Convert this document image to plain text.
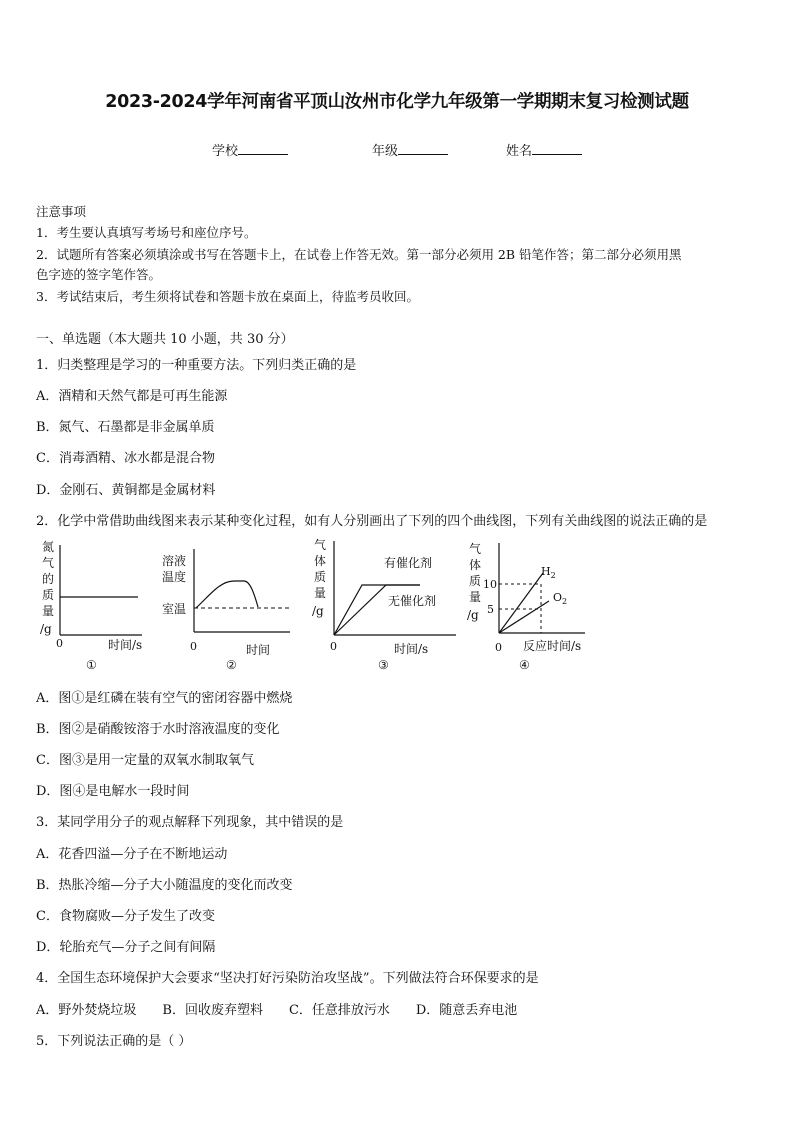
2023-2024学年河南省平顶山汝州市化学九年级第一学期期末复习检测试题
学校	年级	姓名
注意事项
1．考生要认真填写考场号和座位序号。
2．试题所有答案必须填涂或书写在答题卡上，在试卷上作答无效。第一部分必须用 2B 铅笔作答；第二部分必须用黑
色字迹的签字笔作答。
3．考试结束后，考生须将试卷和答题卡放在桌面上，待监考员收回。
一、单选题（本大题共 10 小题，共 30 分）
1．归类整理是学习的一种重要方法。下列归类正确的是
A．酒精和天然气都是可再生能源
B．氮气、石墨都是非金属单质
C．消毒酒精、冰水都是混合物
D．金刚石、黄铜都是金属材料
2．化学中常借助曲线图来表示某种变化过程，如有人分别画出了下列的四个曲线图，下列有关曲线图的说法正确的是
氮
气
的
质
量
/g
0	时间/s
①
溶液
温度
室温
0	时间
②
气
体
质
量
/g
有催化剂
无催化剂
0	时间/s
③
气
体
质
量
/g
10
5
$H_2$
$O_2$
0 反应时间/s
④
A．图①是红磷在装有空气的密闭容器中燃烧
B．图②是硝酸铵溶于水时溶液温度的变化
C．图③是用一定量的双氧水制取氧气
D．图④是电解水一段时间
3．某同学用分子的观点解释下列现象，其中错误的是
A．花香四溢—分子在不断地运动
B．热胀冷缩—分子大小随温度的变化而改变
C．食物腐败—分子发生了改变
D．轮胎充气—分子之间有间隔
4．全国生态环境保护大会要求“坚决打好污染防治攻坚战”。下列做法符合环保要求的是
A．野外焚烧垃圾　　B．回收废弃塑料　　C．任意排放污水　　D．随意丢弃电池
5．下列说法正确的是（ ）
